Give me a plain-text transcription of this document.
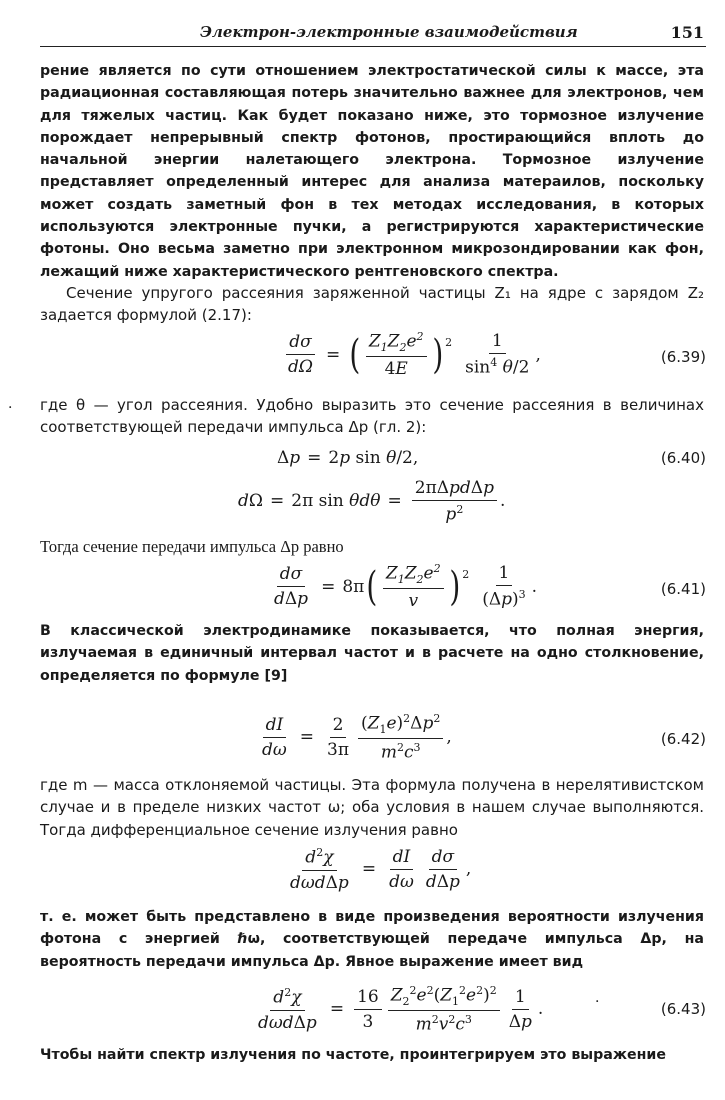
Электрон-электронные взаимодействия	151

рение является по сути отношением электростатической силы к массе, эта радиационная составляющая потерь значительно важнее для электронов, чем для тяжелых частиц. Как будет показано ниже, это тормозное излучение порождает непрерывный спектр фотонов, простирающийся вплоть до начальной энергии налетающего электрона. Тормозное излучение представляет определенный интерес для анализа матераилов, поскольку может создать заметный фон в тех методах исследования, в которых используются электронные пучки, а регистрируются характеристические фотоны. Оно весьма заметно при электронном микрозондировании как фон, лежащий ниже характеристического рентгеновского спектра.

Сечение упругого рассеяния заряженной частицы Z₁ на ядре с зарядом Z₂ задается формулой (2.17):

$\frac{d\sigma}{d\Omega}$ = ( $\frac{Z_1Z_2e^2}{4E} )^2 \frac{1}{\sin^4 \theta/2}$ ,	(6.39)
· где θ — угол рассеяния. Удобно выразить это сечение рассеяния в величинах соответствующей передачи импульса Δp (гл. 2):

Δ p = 2 p sin θ /2,	(6.40)
d Ω = 2π $\sin \theta d\theta = \frac{\text{2πΔpdΔp}}{p^2}$ .

Тогда сечение передачи импульса Δp равно

$\frac{d\sigma}{\text{dΔp}} = 8\pi$ ( $\frac{Z_1Z_2e^2}{v} )^2 \frac{1}{(\Delta p)^3}$ .	(6.41)

В классической электродинамике показывается, что полная энергия, излучаемая в единичный интервал частот и в расчете на одно столкновение, определяется по формуле [9]

$\frac{dI}{d\omega} = \frac{2}{3\pi} \frac{(Z_1e)^2\Delta p^2}{m^2c^3}$ ,	(6.42)

где m — масса отклоняемой частицы. Эта формула получена в нерелятивистском случае и в пределе низких частот ω; оба условия в нашем случае выполняются. Тогда дифференциальное сечение излучения равно

$\frac{d^2\chi}{\text{dωdΔp}} = \frac{dI}{d\omega} \frac{d\sigma}{\text{dΔp}}$ ,

т. е. может быть представлено в виде произведения вероятности излучения фотона с энергией ℏω, соответствующей передаче импульса Δp, на вероятность передачи импульса Δp. Явное выражение имеет вид

$\frac{d^2\chi}{\text{dωdΔp}} = \frac{16}{3} \frac{Z_2^2e^2(Z_1^2e^2)^2}{m^2v^2c^3} \frac{1}{\Delta p}$ .	·	(6.43)

Чтобы найти спектр излучения по частоте, проинтегрируем это выражение
